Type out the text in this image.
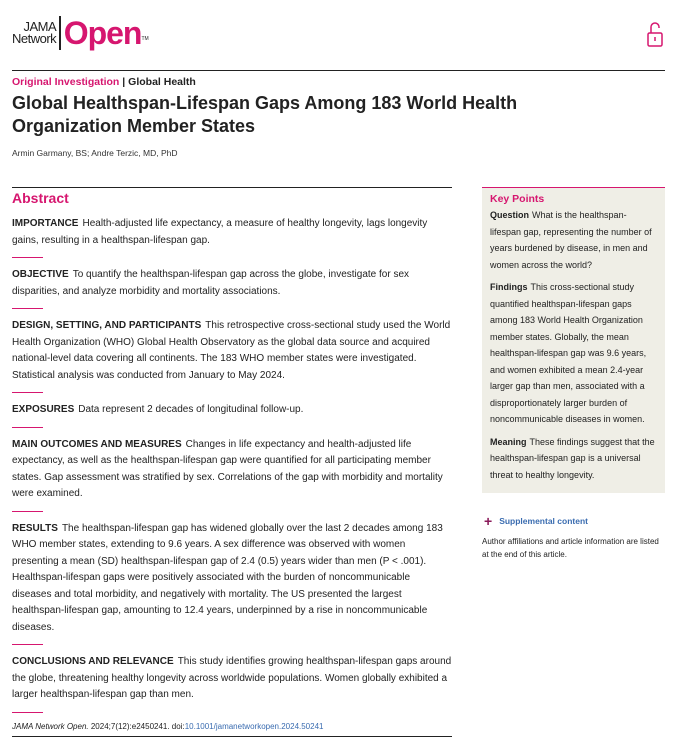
JAMA
Network Open TM
Original Investigation | Global Health
Global Healthspan-Lifespan Gaps Among 183 World Health Organization Member States
Armin Garmany, BS; Andre Terzic, MD, PhD
Abstract

IMPORTANCE Health-adjusted life expectancy, a measure of healthy longevity, lags longevity gains, resulting in a healthspan-lifespan gap.

OBJECTIVE To quantify the healthspan-lifespan gap across the globe, investigate for sex disparities, and analyze morbidity and mortality associations.

DESIGN, SETTING, AND PARTICIPANTS This retrospective cross-sectional study used the World Health Organization (WHO) Global Health Observatory as the global data source and acquired national-level data covering all continents. The 183 WHO member states were investigated. Statistical analysis was conducted from January to May 2024.

EXPOSURES Data represent 2 decades of longitudinal follow-up.

MAIN OUTCOMES AND MEASURES Changes in life expectancy and health-adjusted life expectancy, as well as the healthspan-lifespan gap were quantified for all participating member states. Gap assessment was stratified by sex. Correlations of the gap with morbidity and mortality were examined.

RESULTS The healthspan-lifespan gap has widened globally over the last 2 decades among 183 WHO member states, extending to 9.6 years. A sex difference was observed with women presenting a mean (SD) healthspan-lifespan gap of 2.4 (0.5) years wider than men (P < .001). Healthspan-lifespan gaps were positively associated with the burden of noncommunicable diseases and total morbidity, and negatively with mortality. The US presented the largest healthspan-lifespan gap, amounting to 12.4 years, underpinned by a rise in noncommunicable diseases.

CONCLUSIONS AND RELEVANCE This study identifies growing healthspan-lifespan gaps around the globe, threatening healthy longevity across worldwide populations. Women globally exhibited a larger healthspan-lifespan gap than men.

JAMA Network Open. 2024;7(12):e2450241. doi:10.1001/jamanetworkopen.2024.50241
Key Points

Question What is the healthspan-lifespan gap, representing the number of years burdened by disease, in men and women across the world?

Findings This cross-sectional study quantified healthspan-lifespan gaps among 183 World Health Organization member states. Globally, the mean healthspan-lifespan gap was 9.6 years, and women exhibited a mean 2.4-year larger gap than men, associated with a disproportionately larger burden of noncommunicable diseases in women.

Meaning These findings suggest that the healthspan-lifespan gap is a universal threat to healthy longevity.

+ Supplemental content
Author affiliations and article information are listed at the end of this article.
